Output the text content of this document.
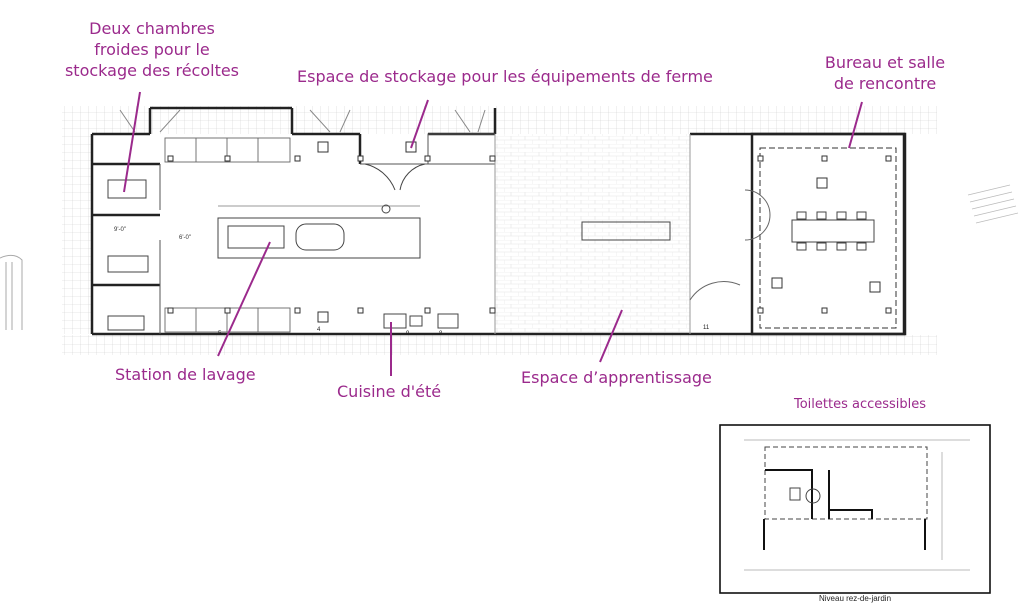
9'-0"
6'-0"
5
4
9	8
11
Deux chambres
froides pour le
stockage des récoltes	Espace de stockage pour les équipements de ferme
Bureau et salle
de rencontre
Station de lavage
Cuisine d'été
Espace d’apprentissage
Toilettes accessibles
Niveau rez-de-jardin
